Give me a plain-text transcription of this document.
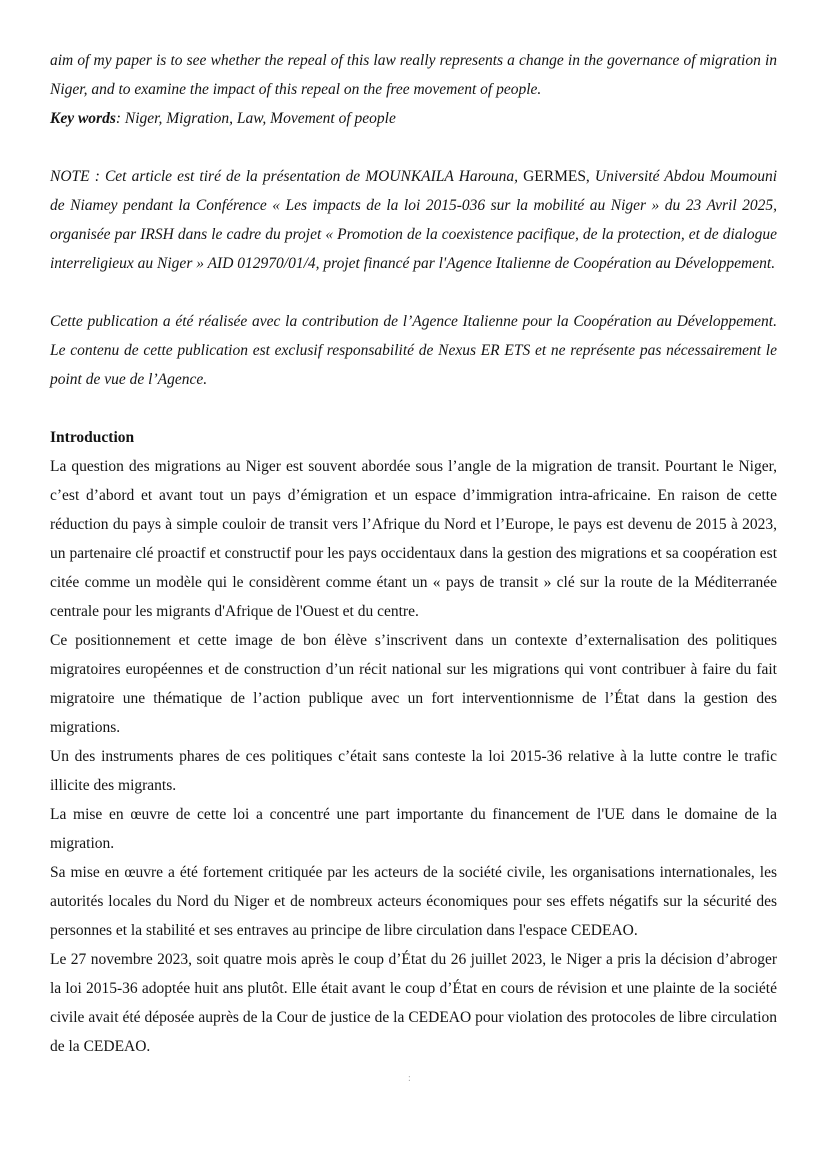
aim of my paper is to see whether the repeal of this law really represents a change in the governance of migration in Niger, and to examine the impact of this repeal on the free movement of people.

Key words: Niger, Migration, Law, Movement of people

NOTE : Cet article est tiré de la présentation de MOUNKAILA Harouna, GERMES, Université Abdou Moumouni de Niamey pendant la Conférence « Les impacts de la loi 2015-036 sur la mobilité au Niger » du 23 Avril 2025, organisée par IRSH dans le cadre du projet « Promotion de la coexistence pacifique, de la protection, et de dialogue interreligieux au Niger » AID 012970/01/4, projet financé par l'Agence Italienne de Coopération au Développement.

Cette publication a été réalisée avec la contribution de l’Agence Italienne pour la Coopération au Développement. Le contenu de cette publication est exclusif responsabilité de Nexus ER ETS et ne représente pas nécessairement le point de vue de l’Agence.

Introduction

La question des migrations au Niger est souvent abordée sous l’angle de la migration de transit. Pourtant le Niger, c’est d’abord et avant tout un pays d’émigration et un espace d’immigration intra-africaine. En raison de cette réduction du pays à simple couloir de transit vers l’Afrique du Nord et l’Europe, le pays est devenu de 2015 à 2023, un partenaire clé proactif et constructif pour les pays occidentaux dans la gestion des migrations et sa coopération est citée comme un modèle qui le considèrent comme étant un « pays de transit » clé sur la route de la Méditerranée centrale pour les migrants d'Afrique de l'Ouest et du centre.

Ce positionnement et cette image de bon élève s’inscrivent dans un contexte d’externalisation des politiques migratoires européennes et de construction d’un récit national sur les migrations qui vont contribuer à faire du fait migratoire une thématique de l’action publique avec un fort interventionnisme de l’État dans la gestion des migrations.

Un des instruments phares de ces politiques c’était sans conteste la loi 2015-36 relative à la lutte contre le trafic illicite des migrants.

La mise en œuvre de cette loi a concentré une part importante du financement de l'UE dans le domaine de la migration.

Sa mise en œuvre a été fortement critiquée par les acteurs de la société civile, les organisations internationales, les autorités locales du Nord du Niger et de nombreux acteurs économiques pour ses effets négatifs sur la sécurité des personnes et la stabilité et ses entraves au principe de libre circulation dans l'espace CEDEAO.

Le 27 novembre 2023, soit quatre mois après le coup d’État du 26 juillet 2023, le Niger a pris la décision d’abroger la loi 2015-36 adoptée huit ans plutôt. Elle était avant le coup d’État en cours de révision et une plainte de la société civile avait été déposée auprès de la Cour de justice de la CEDEAO pour violation des protocoles de libre circulation de la CEDEAO.

:
